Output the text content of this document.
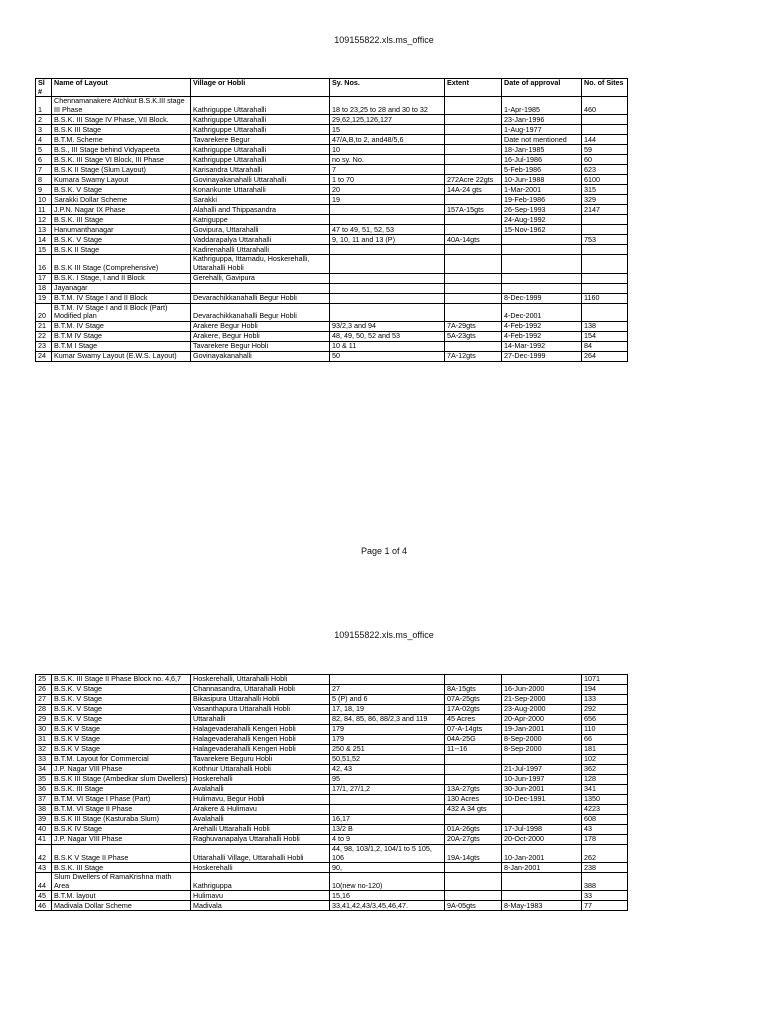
109155822.xls.ms_office
Sl #	Name of Layout	Village or Hobli	Sy. Nos.	Extent	Date of approval	No. of Sites
1	Chennamanakere Atchkut B.S.K.III stage III Phase	Kathriguppe Uttarahalli	18 to 23,25 to 28 and 30 to 32		1-Apr-1985	460
2	B.S.K. III Stage IV Phase, VII Block.	Kathriguppe Uttarahalli	29,62,125,126,127		23-Jan-1996	
3	B.S.K III Stage	Kathriguppe Uttarahalli	15		1-Aug-1977	
4	B.T.M. Scheme	Tavarekere Begur	47/A,B,to 2, and48/5,6		Date not mentioned	144
5	B.S., III Stage behind Vidyapeeta	Kathriguppe Uttarahalli	10		18-Jan-1985	59
6	B.S.K. III Stage VI Block, III Phase	Kathriguppe Uttarahalli	no sy. No.		16-Jul-1986	60
7	B.S.K II Stage (Slum Layout)	Karisandra Uttarahalli	7		5-Feb-1986	623
8	Kumara Swamy Layout	Govinayakanahalli Uttarahalli	1 to 70	272Acre 22gts	10-Jun-1988	6100
9	B.S.K. V Stage	Konankunte Uttarahalli	20	14A-24 gts	1-Mar-2001	315
10	Sarakki Dollar Scheme	Sarakki	19		19-Feb-1986	329
11	J.P.N. Nagar IX Phase	Alahalli and Thippasandra		157A-15gts	26-Sep-1993	2147
12	B.S.K. III Stage	Katriguppe			24-Aug-1992	
13	Hanumanthanagar	Govipura, Uttarahalli	47 to 49, 51, 52, 53		15-Nov-1962	
14	B.S.K. V Stage	Vaddarapalya Uttarahalli	9, 10, 11 and 13 (P)	40A-14gts		753
15	B.S.K II Stage	Kadirenahalli Uttarahalli				
16	B.S.K III Stage (Comprehensive)	Kathriguppa, Ittamadu, Hoskerehalli, Uttarahalli Hobli				
17	B.S.K. I Stage, I and II Block	Gerehalli, Gavipura				
18	Jayanagar					
19	B.T.M. IV Stage I and II Block	Devarachikkanahalli Begur Hobli			8-Dec-1999	1160
20	B.T.M. IV Stage I and II Block (Part) Modified plan	Devarachikkanahalli Begur Hobli			4-Dec-2001	
21	B.T.M. IV Stage	Arakere Begur Hobli	93/2,3 and 94	7A-29gts	4-Feb-1992	138
22	B.T.M IV Stage	Arakere, Begur Hobli	48, 49, 50, 52 and 53	5A-23gts	4-Feb-1992	154
23	B.T.M I Stage	Tavarekere Begur Hobli	10 & 11		14-Mar-1992	84
24	Kumar Swamy Layout (E.W.S. Layout)	Govinayakanahalli	50	7A-12gts	27-Dec-1999	264
Page 1 of 4
109155822.xls.ms_office
25	B.S.K. III Stage II Phase Block no. 4,6,7	Hoskerehalli, Uttarahalli Hobli				1071
26	B.S.K. V Stage	Channasandra, Uttarahalli Hobli	27	8A-15gts	16-Jun-2000	194
27	B.S.K. V Stage	Bikasipura Uttarahalli Hobli	5 (P) and 6	07A-25gts	21-Sep-2000	133
28	B.S.K. V Stage	Vasanthapura Uttarahalli Hobli	17, 18, 19	17A-02gts	23-Aug-2000	292
29	B.S.K. V Stage	Uttarahalli	82, 84, 85, 86, 88/2,3 and 119	45 Acres	20-Apr-2000	656
30	B.S.K V Stage	Halagevaderahalli Kengeri Hobli	179	07-A-14gts	19-Jan-2001	110
31	B.S.K V Stage	Halagevaderahalli Kengeri Hobli	179	04A-25G	8-Sep-2000	66
32	B.S.K V Stage	Halagevaderahalli Kengeri Hobli	250 & 251	11--16	8-Sep-2000	181
33	B.T.M. Layout for Commercial	Tavarekere Beguru Hobli	50,51,52			102
34	J.P. Nagar VIII Phase	Kothnur Uttarahalli Hobli	42, 43		21-Jul-1997	362
35	B.S.K III Stage (Ambedkar slum Dwellers)	Hoskerehalli	95		10-Jun-1997	128
36	B.S.K. III Stage	Avalahalli	17/1, 27/1,2	13A-27gts	30-Jun-2001	341
37	B.T.M. VI Stage I Phase (Part)	Hulimavu, Begur Hobli		130 Acres	10-Dec-1991	1350
38	B.T.M. VI Stage II Phase	Arakere & Hulimavu		432 A 34 gts		4223
39	B.S.K III Stage (Kasturaba Slum)	Avalahalli	16,17			608
40	B.S.K IV Stage	Arehalli Uttarahalli Hobli	13/2 B	01A-26gts	17-Jul-1998	43
41	J.P. Nagar VIII Phase	Raghuvanapalya Uttarahalli Hobli	4 to 9	20A-27gts	20-Oct-2000	178
42	B.S.K V Stage II Phase	Uttarahalli Village, Uttarahalli Hobli	44, 98, 103/1,2, 104/1 to 5 105, 106	19A-14gts	10-Jan-2001	262
43	B.S.K. III Stage	Hoskerehalli	90,		8-Jan-2001	238
44	Slum Dwellers of RamaKrishna math Area	Kathriguppa	10(new no-120)			388
45	B.T.M. layout	Hulimavu	15,16			33
46	Madivala Dollar Scheme	Madivala	33,41,42,43/3,45,46,47.	9A-05gts	8-May-1983	77
